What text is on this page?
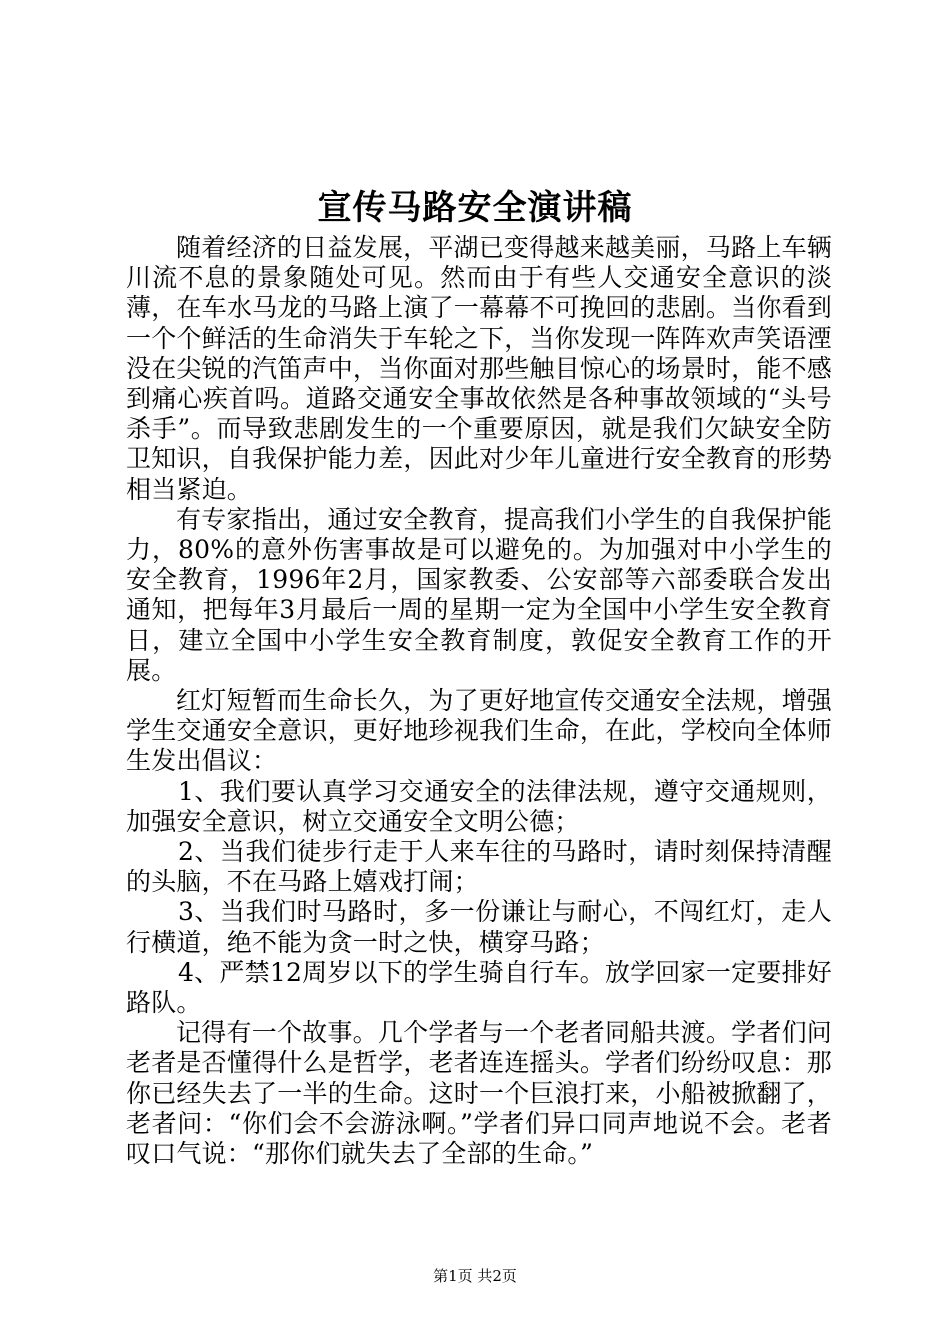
宣传马路安全演讲稿

随着经济的日益发展，平湖已变得越来越美丽，马路上车辆川流不息的景象随处可见。然而由于有些人交通安全意识的淡薄，在车水马龙的马路上演了一幕幕不可挽回的悲剧。当你看到一个个鲜活的生命消失于车轮之下，当你发现一阵阵欢声笑语湮没在尖锐的汽笛声中，当你面对那些触目惊心的场景时，能不感到痛心疾首吗。道路交通安全事故依然是各种事故领域的“头号杀手”。而导致悲剧发生的一个重要原因，就是我们欠缺安全防卫知识，自我保护能力差，因此对少年儿童进行安全教育的形势相当紧迫。

有专家指出，通过安全教育，提高我们小学生的自我保护能力，80%的意外伤害事故是可以避免的。为加强对中小学生的安全教育，1996年2月，国家教委、公安部等六部委联合发出通知，把每年3月最后一周的星期一定为全国中小学生安全教育日，建立全国中小学生安全教育制度，敦促安全教育工作的开展。

红灯短暂而生命长久，为了更好地宣传交通安全法规，增强学生交通安全意识，更好地珍视我们生命，在此，学校向全体师生发出倡议：

1、我们要认真学习交通安全的法律法规，遵守交通规则，加强安全意识，树立交通安全文明公德；

2、当我们徒步行走于人来车往的马路时，请时刻保持清醒的头脑，不在马路上嬉戏打闹；

3、当我们时马路时，多一份谦让与耐心，不闯红灯，走人行横道，绝不能为贪一时之快，横穿马路；

4、严禁12周岁以下的学生骑自行车。放学回家一定要排好路队。

记得有一个故事。几个学者与一个老者同船共渡。学者们问老者是否懂得什么是哲学，老者连连摇头。学者们纷纷叹息：那你已经失去了一半的生命。这时一个巨浪打来，小船被掀翻了，老者问：“你们会不会游泳啊。”学者们异口同声地说不会。老者叹口气说：“那你们就失去了全部的生命。”

第1页 共2页
